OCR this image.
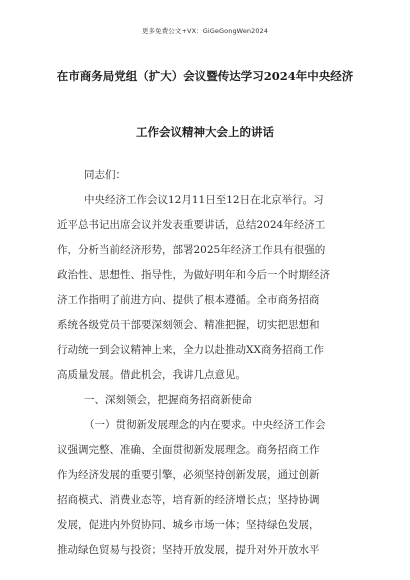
更多免费公文+VX：GiGeGongWen2024
在市商务局党组（扩大）会议暨传达学习2024年中央经济
工作会议精神大会上的讲话
同志们：
中央经济工作会议12月11日至12日在北京举行。习
近平总书记出席会议并发表重要讲话，总结2024年经济工
作，分析当前经济形势，部署2025年经济工作具有很强的
政治性、思想性、指导性，为做好明年和今后一个时期经济
济工作指明了前进方向、提供了根本遵循。全市商务招商
系统各级党员干部要深刻领会、精准把握，切实把思想和
行动统一到会议精神上来，全力以赴推动XX商务招商工作
高质量发展。借此机会，我讲几点意见。
一、深刻领会，把握商务招商新使命
（一）贯彻新发展理念的内在要求。中央经济工作会
议强调完整、准确、全面贯彻新发展理念。商务招商工作
作为经济发展的重要引擎，必须坚持创新发展，通过创新
招商模式、消费业态等，培育新的经济增长点；坚持协调
发展，促进内外贸协同、城乡市场一体；坚持绿色发展，
推动绿色贸易与投资；坚持开放发展，提升对外开放水平
